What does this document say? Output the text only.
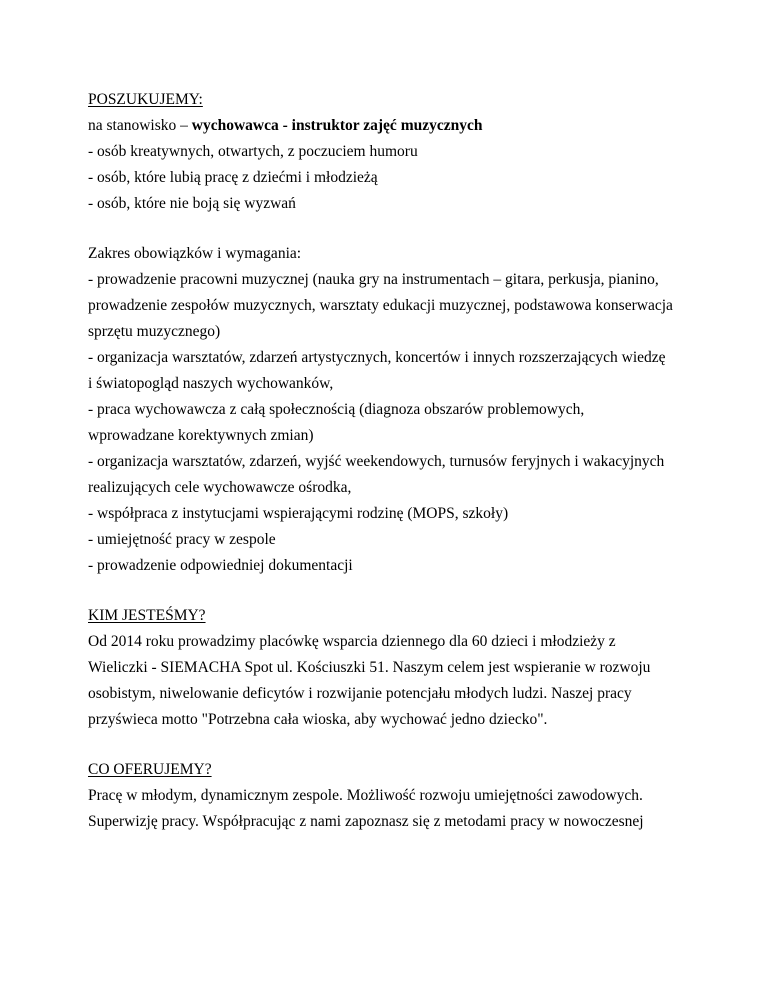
POSZUKUJEMY:

na stanowisko – wychowawca - instruktor zajęć muzycznych

- osób kreatywnych, otwartych, z poczuciem humoru

- osób, które lubią pracę z dziećmi i młodzieżą

- osób, które nie boją się wyzwań

Zakres obowiązków i wymagania:

- prowadzenie pracowni muzycznej (nauka gry na instrumentach – gitara, perkusja, pianino,

prowadzenie zespołów muzycznych, warsztaty edukacji muzycznej, podstawowa konserwacja

sprzętu muzycznego)

- organizacja warsztatów, zdarzeń artystycznych, koncertów i innych rozszerzających wiedzę

i światopogląd naszych wychowanków,

- praca wychowawcza z całą społecznością (diagnoza obszarów problemowych,

wprowadzane korektywnych zmian)

- organizacja warsztatów, zdarzeń, wyjść weekendowych, turnusów feryjnych i wakacyjnych

realizujących cele wychowawcze ośrodka,

- współpraca z instytucjami wspierającymi rodzinę (MOPS, szkoły)

- umiejętność pracy w zespole

- prowadzenie odpowiedniej dokumentacji

KIM JESTEŚMY?

Od 2014 roku prowadzimy placówkę wsparcia dziennego dla 60 dzieci i młodzieży z

Wieliczki - SIEMACHA Spot ul. Kościuszki 51. Naszym celem jest wspieranie w rozwoju

osobistym, niwelowanie deficytów i rozwijanie potencjału młodych ludzi. Naszej pracy

przyświeca motto "Potrzebna cała wioska, aby wychować jedno dziecko".

CO OFERUJEMY?

Pracę w młodym, dynamicznym zespole. Możliwość rozwoju umiejętności zawodowych.

Superwizję pracy. Współpracując z nami zapoznasz się z metodami pracy w nowoczesnej
